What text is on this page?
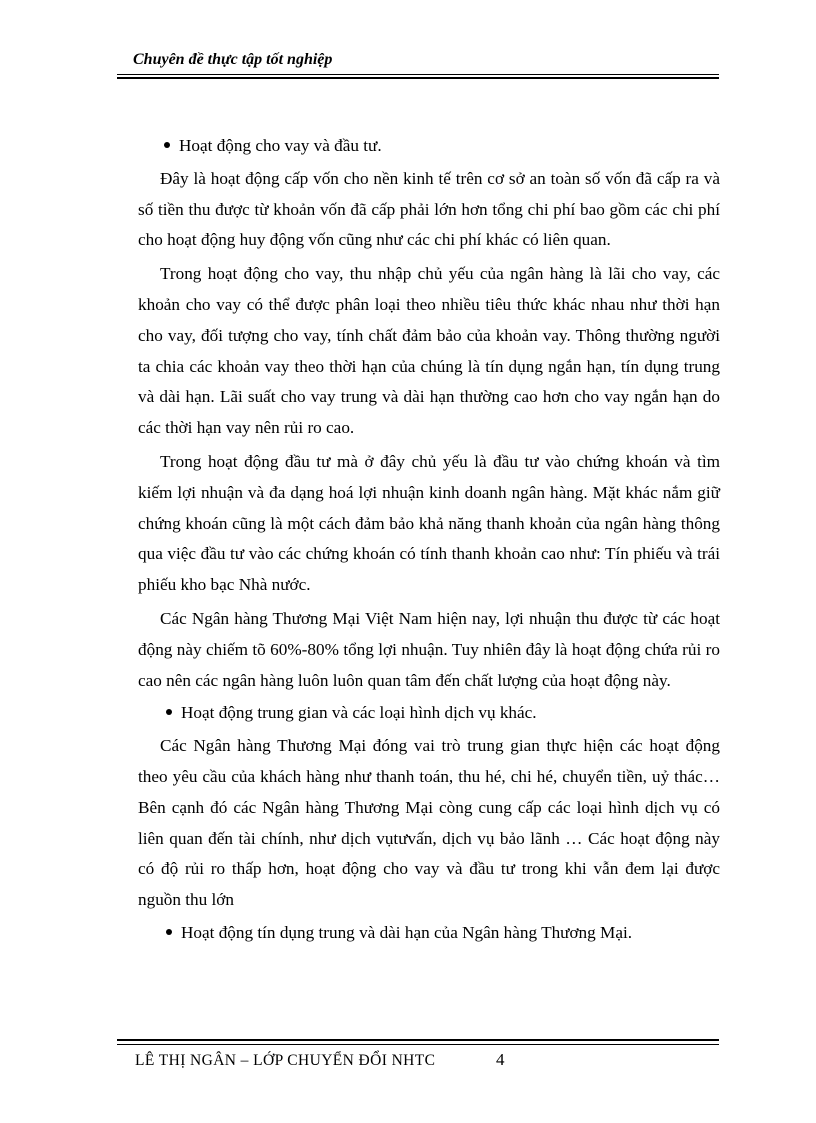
Chuyên đề thực tập tốt nghiệp
Hoạt động cho vay và đầu tư.

Đây là hoạt động cấp vốn cho nền kinh tế trên cơ sở an toàn số vốn đã cấp ra và số tiền thu được từ khoản vốn đã cấp phải lớn hơn tổng chi phí bao gồm các chi phí cho hoạt động huy động vốn cũng như các chi phí khác có liên quan.

Trong hoạt động cho vay, thu nhập chủ yếu của ngân hàng là lãi cho vay, các khoản cho vay có thể được phân loại theo nhiều tiêu thức khác nhau như thời hạn cho vay, đối tượng cho vay, tính chất đảm bảo của khoản vay. Thông thường người ta chia các khoản vay theo thời hạn của chúng là tín dụng ngắn hạn, tín dụng trung và dài hạn. Lãi suất cho vay trung và dài hạn thường cao hơn cho vay ngắn hạn do các thời hạn vay nên rủi ro cao.

Trong hoạt động đầu tư mà ở đây chủ yếu là đầu tư vào chứng khoán và tìm kiếm lợi nhuận và đa dạng hoá lợi nhuận kinh doanh ngân hàng. Mặt khác nắm giữ chứng khoán cũng là một cách đảm bảo khả năng thanh khoản của ngân hàng thông qua việc đầu tư vào các chứng khoán có tính thanh khoản cao như: Tín phiếu và trái phiếu kho bạc Nhà nước.

Các Ngân hàng Thương Mại Việt Nam hiện nay, lợi nhuận thu được từ các hoạt động này chiếm tõ 60%-80% tổng lợi nhuận. Tuy nhiên đây là hoạt động chứa rủi ro cao nên các ngân hàng luôn luôn quan tâm đến chất lượng của hoạt động này.

Hoạt động trung gian và các loại hình dịch vụ khác.

Các Ngân hàng Thương Mại đóng vai trò trung gian thực hiện các hoạt động theo yêu cầu của khách hàng như thanh toán, thu hé, chi hé, chuyển tiền, uỷ thác… Bên cạnh đó các Ngân hàng Thương Mại còng cung cấp các loại hình dịch vụ có liên quan đến tài chính, như dịch vụtưvấn, dịch vụ bảo lãnh … Các hoạt động này có độ rủi ro thấp hơn, hoạt động cho vay và đầu tư trong khi vẫn đem lại được nguồn thu lớn

Hoạt động tín dụng trung và dài hạn của Ngân hàng Thương Mại.
LÊ THỊ NGÂN – LỚP CHUYỂN ĐỔI NHTC	4
